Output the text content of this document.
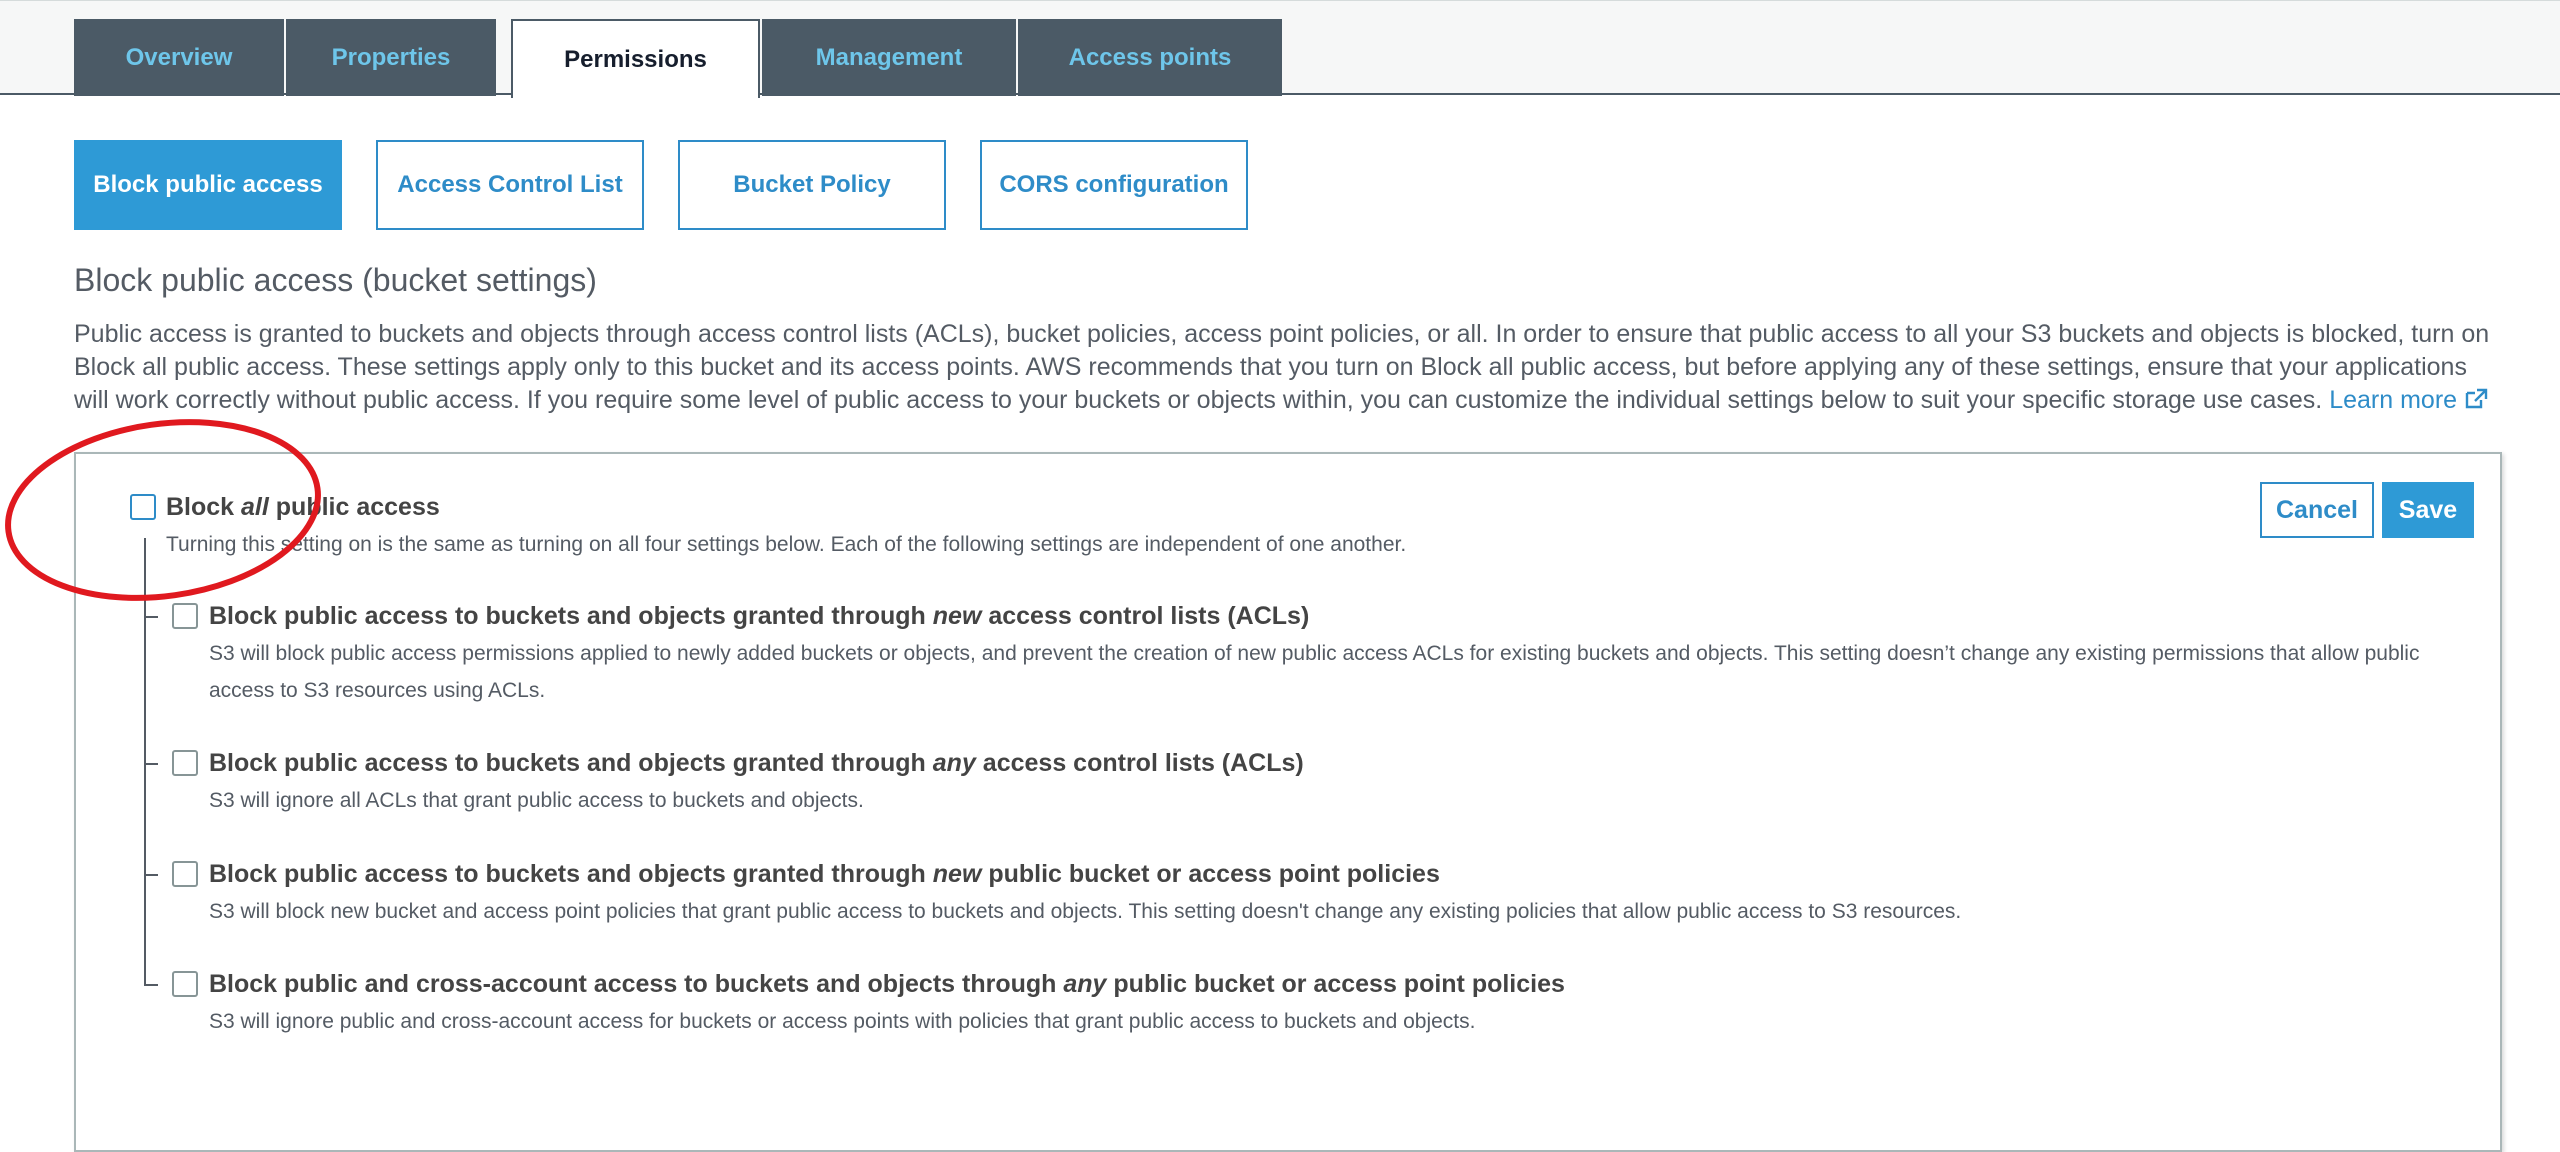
Overview	Properties	Permissions	Management	Access points
Block public access	Access Control List	Bucket Policy	CORS configuration
Block public access (bucket settings)
Public access is granted to buckets and objects through access control lists (ACLs), bucket policies, access point policies, or all. In order to ensure that public access to all your S3 buckets and objects is blocked, turn on Block all public access. These settings apply only to this bucket and its access points. AWS recommends that you turn on Block all public access, but before applying any of these settings, ensure that your applications will work correctly without public access. If you require some level of public access to your buckets or objects within, you can customize the individual settings below to suit your specific storage use cases. Learn more
Block all public access
Turning this setting on is the same as turning on all four settings below. Each of the following settings are independent of one another.
Cancel	Save
Block public access to buckets and objects granted through new access control lists (ACLs)
S3 will block public access permissions applied to newly added buckets or objects, and prevent the creation of new public access ACLs for existing buckets and objects. This setting doesn’t change any existing permissions that allow public access to S3 resources using ACLs.
Block public access to buckets and objects granted through any access control lists (ACLs)
S3 will ignore all ACLs that grant public access to buckets and objects.
Block public access to buckets and objects granted through new public bucket or access point policies
S3 will block new bucket and access point policies that grant public access to buckets and objects. This setting doesn't change any existing policies that allow public access to S3 resources.
Block public and cross-account access to buckets and objects through any public bucket or access point policies
S3 will ignore public and cross-account access for buckets or access points with policies that grant public access to buckets and objects.
